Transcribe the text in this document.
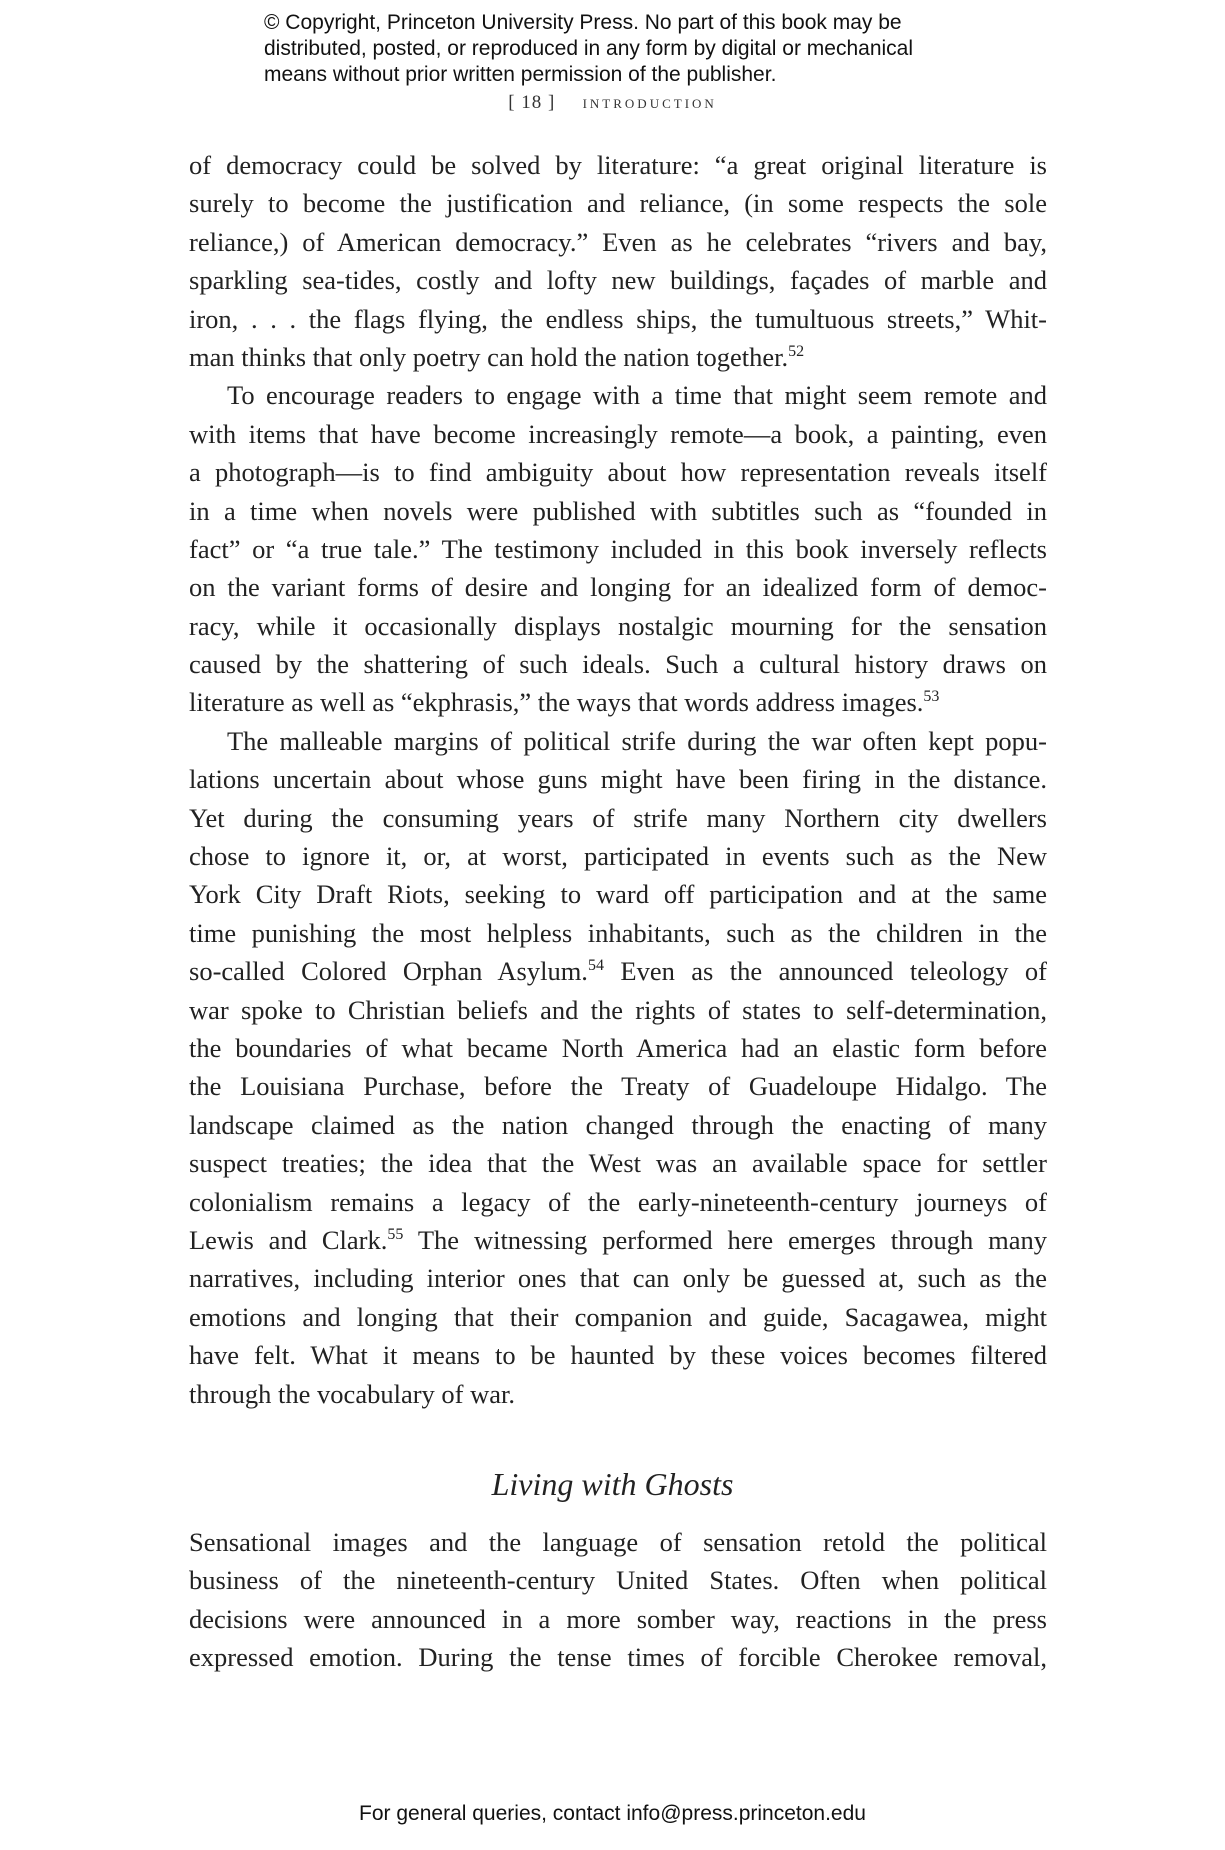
© Copyright, Princeton University Press. No part of this book may be
distributed, posted, or reproduced in any form by digital or mechanical
means without prior written permission of the publisher.
[ 18 ] introduction
of democracy could be solved by literature: “a great original literature is
surely to become the justification and reliance, (in some respects the sole
reliance,) of American democracy.” Even as he celebrates “rivers and bay,
sparkling sea-tides, costly and lofty new buildings, façades of marble and
iron, . . . the flags flying, the endless ships, the tumultuous streets,” Whit-
man thinks that only poetry can hold the nation together.$^{52}$
To encourage readers to engage with a time that might seem remote and
with items that have become increasingly remote—a book, a painting, even
a photograph—is to find ambiguity about how representation reveals itself
in a time when novels were published with subtitles such as “founded in
fact” or “a true tale.” The testimony included in this book inversely reflects
on the variant forms of desire and longing for an idealized form of democ-
racy, while it occasionally displays nostalgic mourning for the sensation
caused by the shattering of such ideals. Such a cultural history draws on
literature as well as “ekphrasis,” the ways that words address images.$^{53}$
The malleable margins of political strife during the war often kept popu-
lations uncertain about whose guns might have been firing in the distance.
Yet during the consuming years of strife many Northern city dwellers
chose to ignore it, or, at worst, participated in events such as the New
York City Draft Riots, seeking to ward off participation and at the same
time punishing the most helpless inhabitants, such as the children in the
so-called Colored Orphan Asylum.$^{54}$ Even as the announced teleology of
war spoke to Christian beliefs and the rights of states to self-determination,
the boundaries of what became North America had an elastic form before
the Louisiana Purchase, before the Treaty of Guadeloupe Hidalgo. The
landscape claimed as the nation changed through the enacting of many
suspect treaties; the idea that the West was an available space for settler
colonialism remains a legacy of the early-nineteenth-century journeys of
Lewis and Clark.$^{55}$ The witnessing performed here emerges through many
narratives, including interior ones that can only be guessed at, such as the
emotions and longing that their companion and guide, Sacagawea, might
have felt. What it means to be haunted by these voices becomes filtered
through the vocabulary of war.
Living with Ghosts
Sensational images and the language of sensation retold the political
business of the nineteenth-century United States. Often when political
decisions were announced in a more somber way, reactions in the press
expressed emotion. During the tense times of forcible Cherokee removal,
For general queries, contact info@press.princeton.edu
